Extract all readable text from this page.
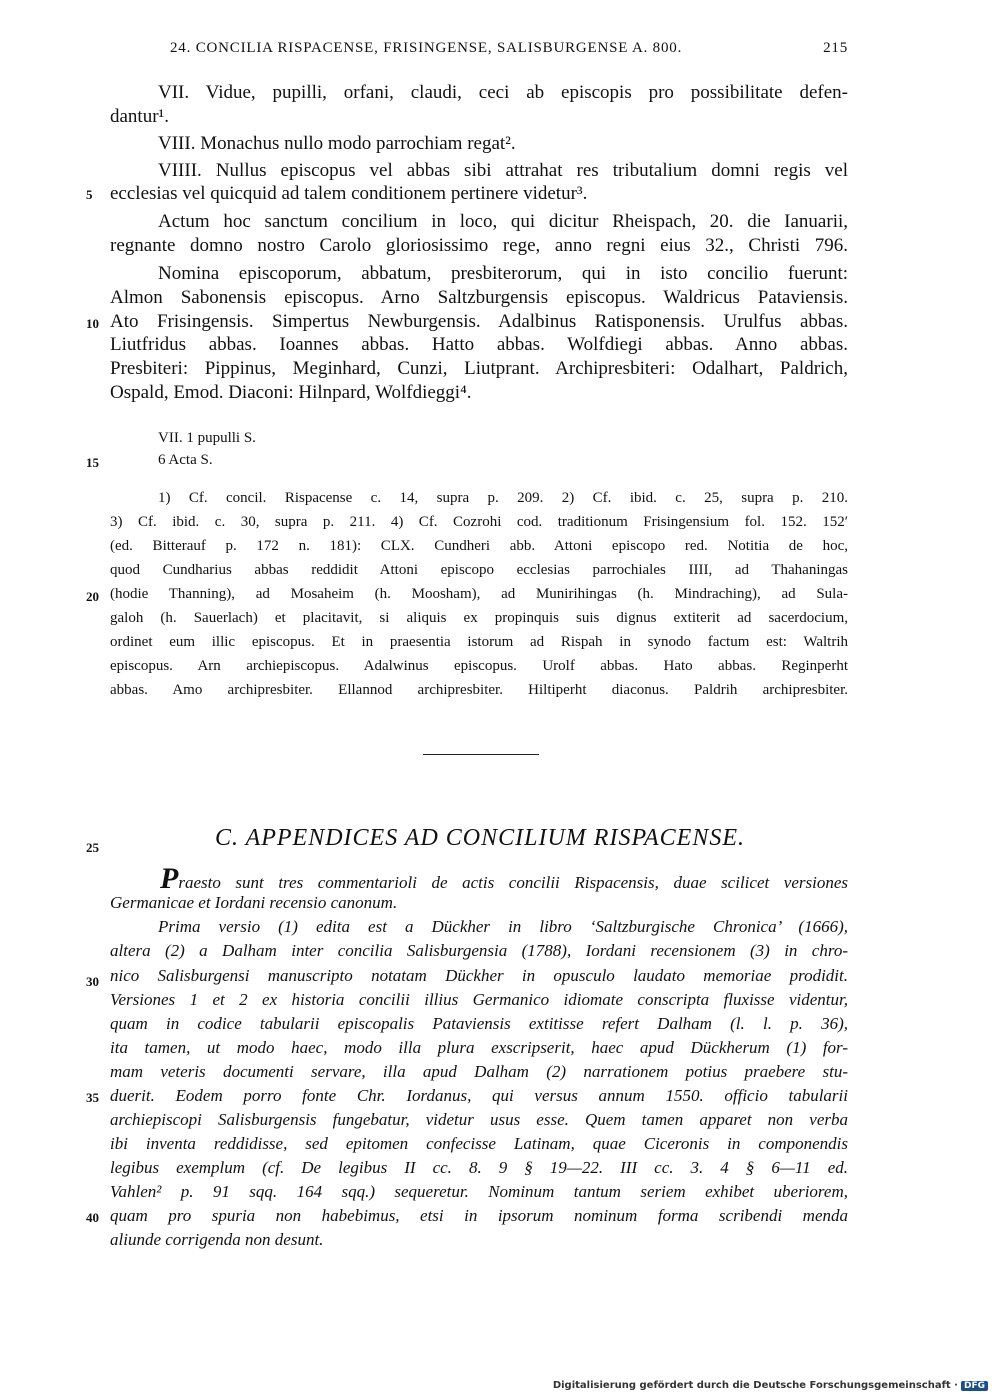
24. CONCILIA RISPACENSE, FRISINGENSE, SALISBURGENSE A. 800.	215
5
10
15
20
25
30
35
40
VII. Vidue, pupilli, orfani, claudi, ceci ab episcopis pro possibilitate defen-
dantur¹.
VIII. Monachus nullo modo parrochiam regat².
VIIII. Nullus episcopus vel abbas sibi attrahat res tributalium domni regis vel
ecclesias vel quicquid ad talem conditionem pertinere videtur³.
Actum hoc sanctum concilium in loco, qui dicitur Rheispach, 20. die Ianuarii,
regnante domno nostro Carolo gloriosissimo rege, anno regni eius 32., Christi 796.
Nomina episcoporum, abbatum, presbiterorum, qui in isto concilio fuerunt:
Almon Sabonensis episcopus. Arno Saltzburgensis episcopus. Waldricus Pataviensis.
Ato Frisingensis. Simpertus Newburgensis. Adalbinus Ratisponensis. Urulfus abbas.
Liutfridus abbas. Ioannes abbas. Hatto abbas. Wolfdiegi abbas. Anno abbas.
Presbiteri: Pippinus, Meginhard, Cunzi, Liutprant. Archipresbiteri: Odalhart, Paldrich,
Ospald, Emod. Diaconi: Hilnpard, Wolfdieggi⁴.
VII. 1 pupulli S.
6 Acta S.
1) Cf. concil. Rispacense c. 14, supra p. 209. 2) Cf. ibid. c. 25, supra p. 210.
3) Cf. ibid. c. 30, supra p. 211. 4) Cf. Cozrohi cod. traditionum Frisingensium fol. 152. 152′
(ed. Bitterauf p. 172 n. 181): CLX. Cundheri abb. Attoni episcopo red. Notitia de hoc,
quod Cundharius abbas reddidit Attoni episcopo ecclesias parrochiales IIII, ad Thahaningas
(hodie Thanning), ad Mosaheim (h. Moosham), ad Munirihingas (h. Mindraching), ad Sula-
galoh (h. Sauerlach) et placitavit, si aliquis ex propinquis suis dignus extiterit ad sacerdocium,
ordinet eum illic episcopus. Et in praesentia istorum ad Rispah in synodo factum est: Waltrih
episcopus. Arn archiepiscopus. Adalwinus episcopus. Urolf abbas. Hato abbas. Reginperht
abbas. Amo archipresbiter. Ellannod archipresbiter. Hiltiperht diaconus. Paldrih archipresbiter.
C. APPENDICES AD CONCILIUM RISPACENSE.
Praesto sunt tres commentarioli de actis concilii Rispacensis, duae scilicet versiones
Germanicae et Iordani recensio canonum.
Prima versio (1) edita est a Dückher in libro ‘Saltzburgische Chronica’ (1666),
altera (2) a Dalham inter concilia Salisburgensia (1788), Iordani recensionem (3) in chro-
nico Salisburgensi manuscripto notatam Dückher in opusculo laudato memoriae prodidit.
Versiones 1 et 2 ex historia concilii illius Germanico idiomate conscripta fluxisse videntur,
quam in codice tabularii episcopalis Pataviensis extitisse refert Dalham (l. l. p. 36),
ita tamen, ut modo haec, modo illa plura exscripserit, haec apud Dückherum (1) for-
mam veteris documenti servare, illa apud Dalham (2) narrationem potius praebere stu-
duerit. Eodem porro fonte Chr. Iordanus, qui versus annum 1550. officio tabularii
archiepiscopi Salisburgensis fungebatur, videtur usus esse. Quem tamen apparet non verba
ibi inventa reddidisse, sed epitomen confecisse Latinam, quae Ciceronis in componendis
legibus exemplum (cf. De legibus II cc. 8. 9 § 19—22. III cc. 3. 4 § 6—11 ed.
Vahlen² p. 91 sqq. 164 sqq.) sequeretur. Nominum tantum seriem exhibet uberiorem,
quam pro spuria non habebimus, etsi in ipsorum nominum forma scribendi menda
aliunde corrigenda non desunt.
Digitalisierung gefördert durch die Deutsche Forschungsgemeinschaft · DFG
